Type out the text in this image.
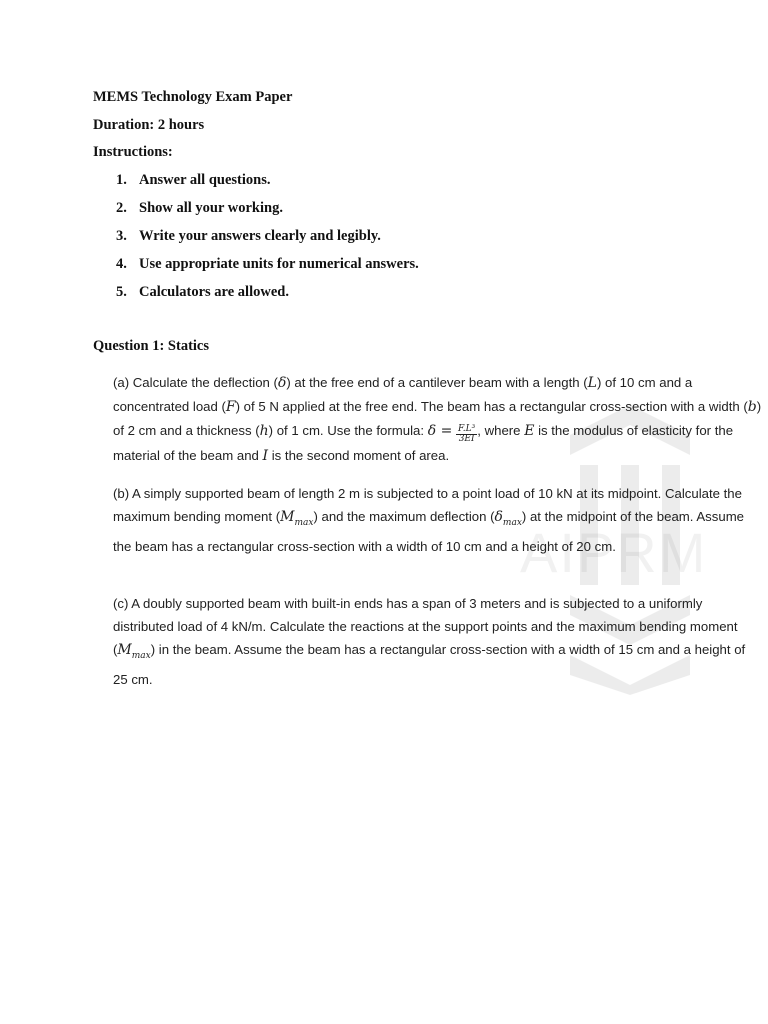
AIPRM
MEMS Technology Exam Paper
Duration: 2 hours
Instructions:
1. Answer all questions.
2. Show all your working.
3. Write your answers clearly and legibly.
4. Use appropriate units for numerical answers.
5. Calculators are allowed.
Question 1: Statics
(a) Calculate the deflection (δ) at the free end of a cantilever beam with a length (L) of 10 cm and a concentrated load (F) of 5 N applied at the free end. The beam has a rectangular cross-section with a width (b) of 2 cm and a thickness (h) of 1 cm. Use the formula: $\delta = \frac{\text{F.L³}}{3EI}$ , where E is the modulus of elasticity for the material of the beam and I is the second moment of area.
(b) A simply supported beam of length 2 m is subjected to a point load of 10 kN at its midpoint. Calculate the maximum bending moment $(M_{max})$ and the maximum deflection $(\delta_{max})$ at the midpoint of the beam. Assume the beam has a rectangular cross-section with a width of 10 cm and a height of 20 cm.
(c) A doubly supported beam with built-in ends has a span of 3 meters and is subjected to a uniformly distributed load of 4 kN/m. Calculate the reactions at the support points and the maximum bending moment $(M_{max})$ in the beam. Assume the beam has a rectangular cross-section with a width of 15 cm and a height of 25 cm.
